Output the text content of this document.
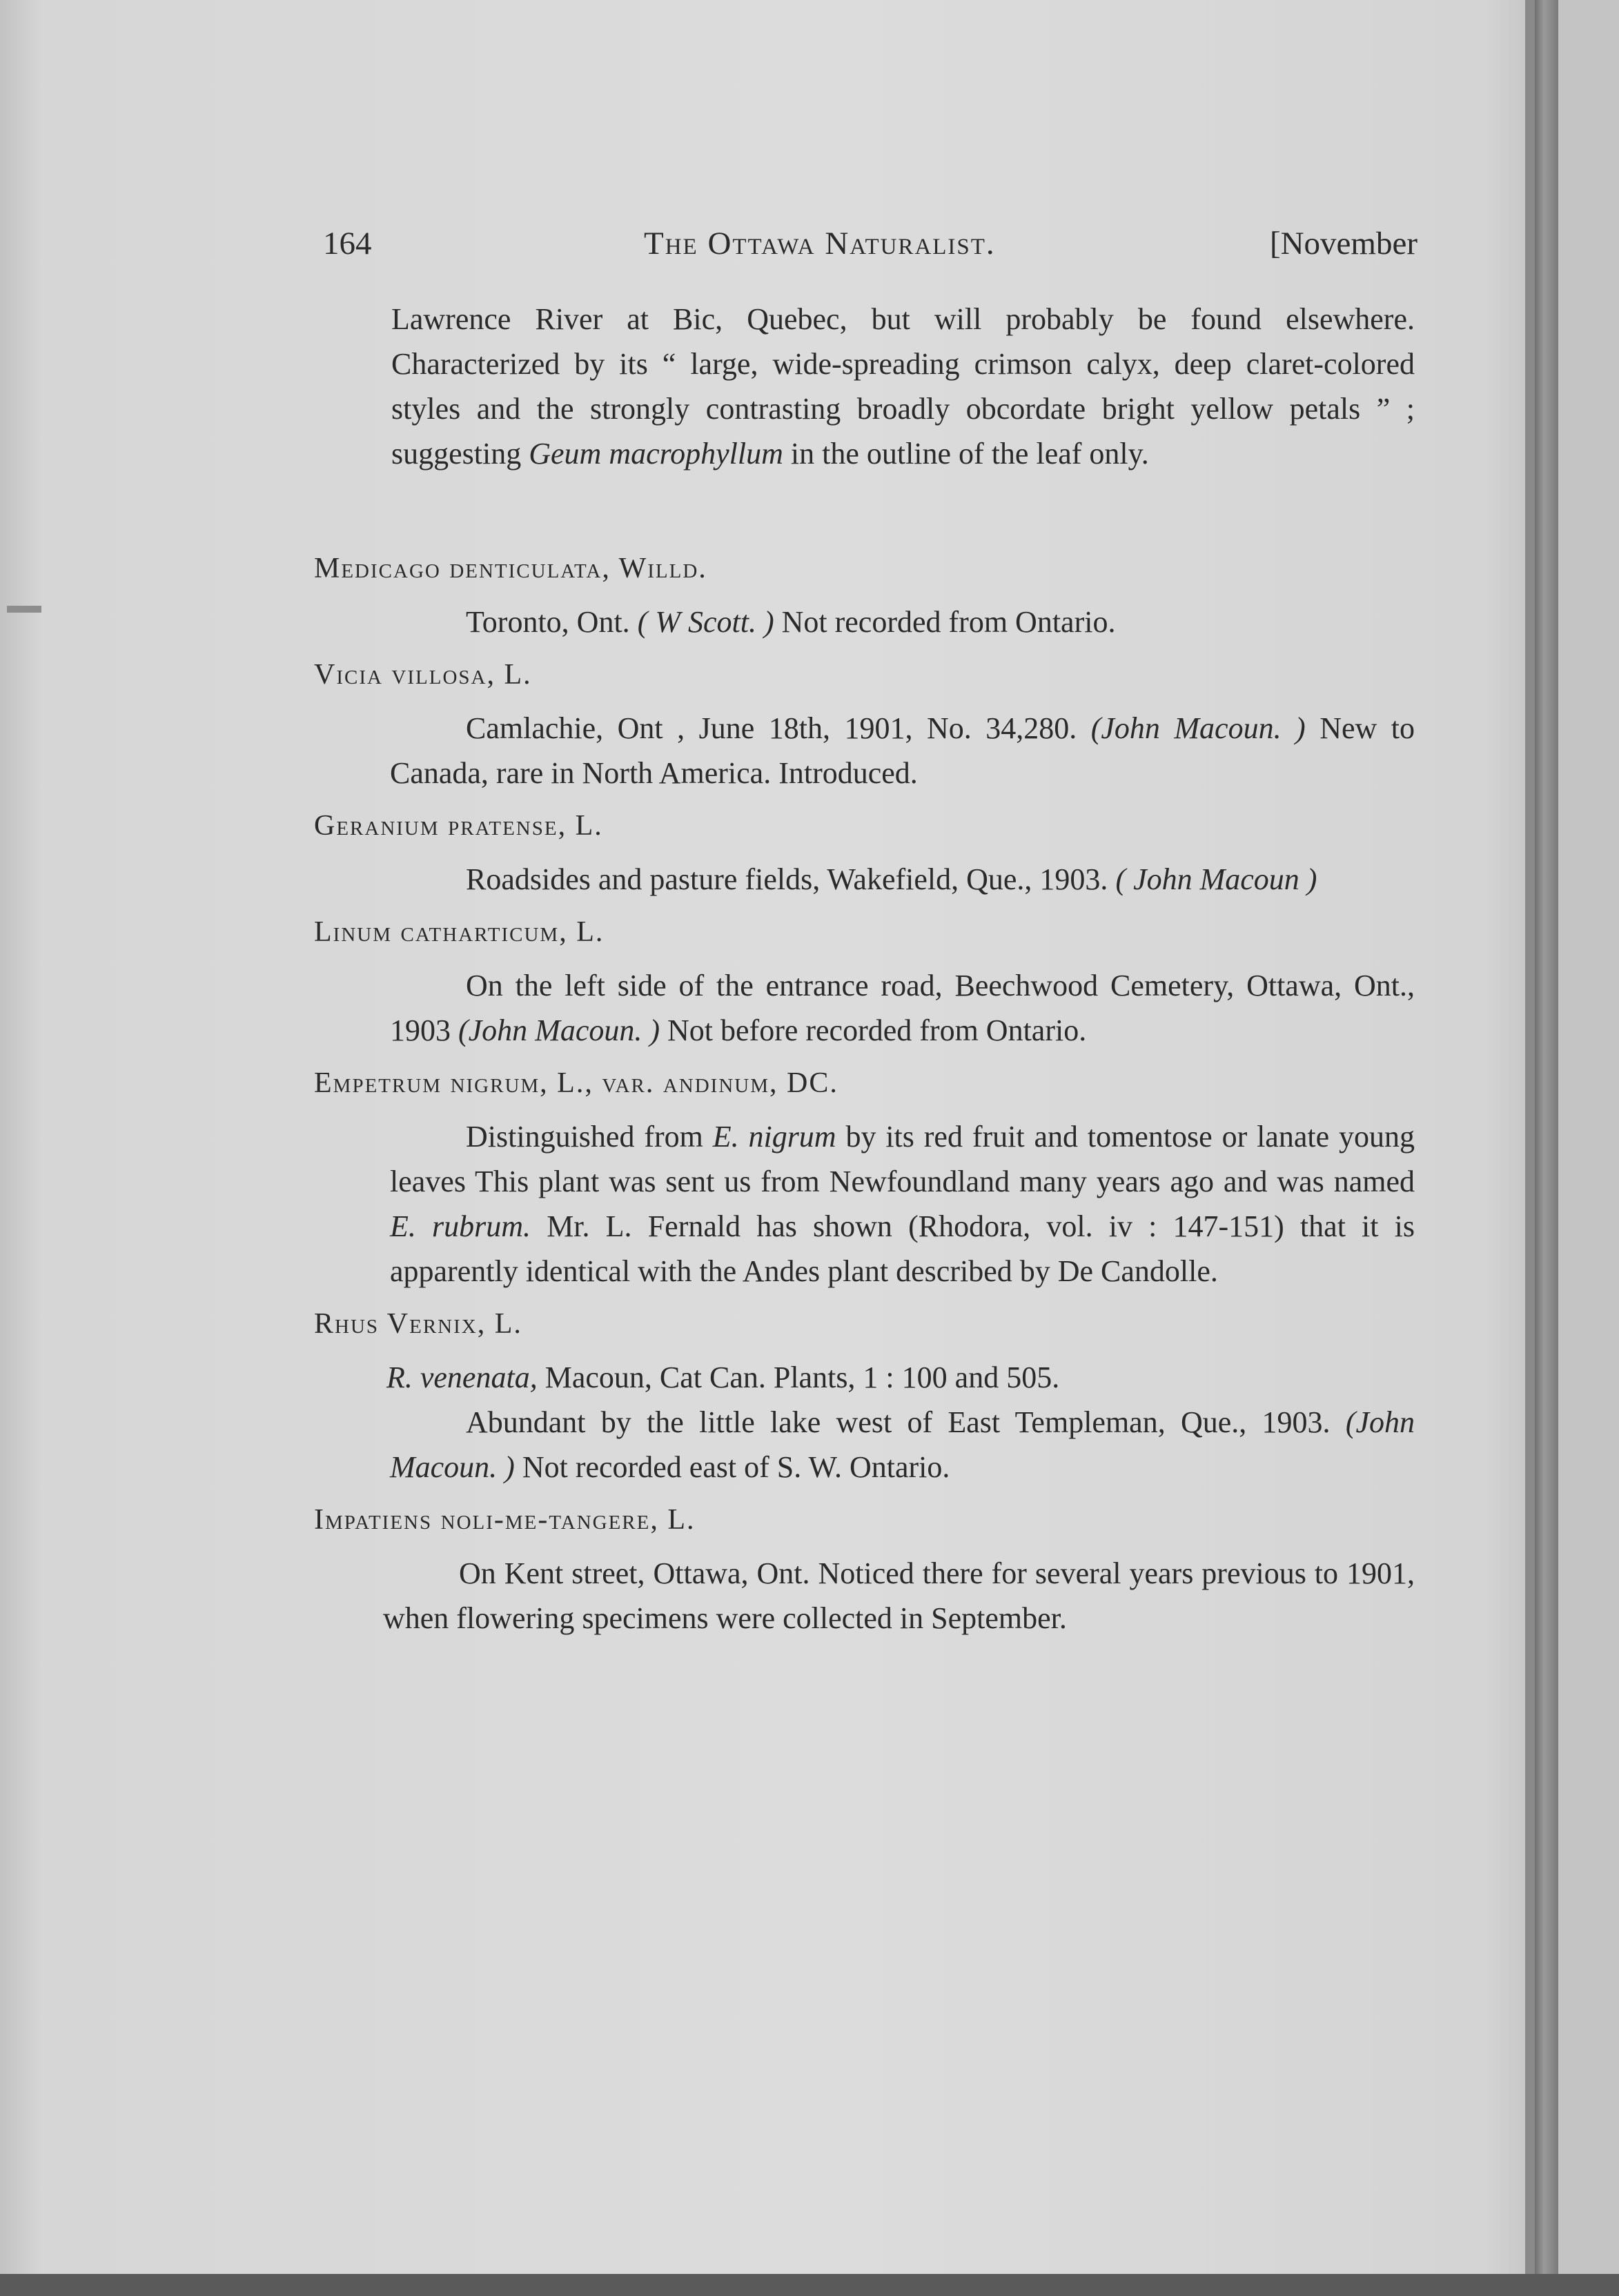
164	The Ottawa Naturalist.	[November

Lawrence River at Bic, Quebec, but will probably be found elsewhere. Characterized by its “ large, wide-spreading crimson calyx, deep claret-colored styles and the strongly contrasting broadly obcordate bright yellow petals ” ; suggesting Geum macrophyllum in the outline of the leaf only.

Medicago denticulata, Willd.

Toronto, Ont. ( W Scott. ) Not recorded from Ontario.

Vicia villosa, L.

Camlachie, Ont , June 18th, 1901, No. 34,280. (John Macoun. ) New to Canada, rare in North America. Introduced.

Geranium pratense, L.

Roadsides and pasture fields, Wakefield, Que., 1903. ( John Macoun )

Linum catharticum, L.

On the left side of the entrance road, Beechwood Cemetery, Ottawa, Ont., 1903 (John Macoun. ) Not before recorded from Ontario.

Empetrum nigrum, L., var. andinum, DC.

Distinguished from E. nigrum by its red fruit and tomentose or lanate young leaves This plant was sent us from Newfoundland many years ago and was named E. rubrum. Mr. L. Fernald has shown (Rhodora, vol. iv : 147-151) that it is apparently identical with the Andes plant described by De Candolle.

Rhus Vernix, L.

R. venenata, Macoun, Cat Can. Plants, 1 : 100 and 505.

Abundant by the little lake west of East Templeman, Que., 1903. (John Macoun. ) Not recorded east of S. W. Ontario.

Impatiens noli-me-tangere, L.

On Kent street, Ottawa, Ont. Noticed there for several years previous to 1901, when flowering specimens were collected in September.
